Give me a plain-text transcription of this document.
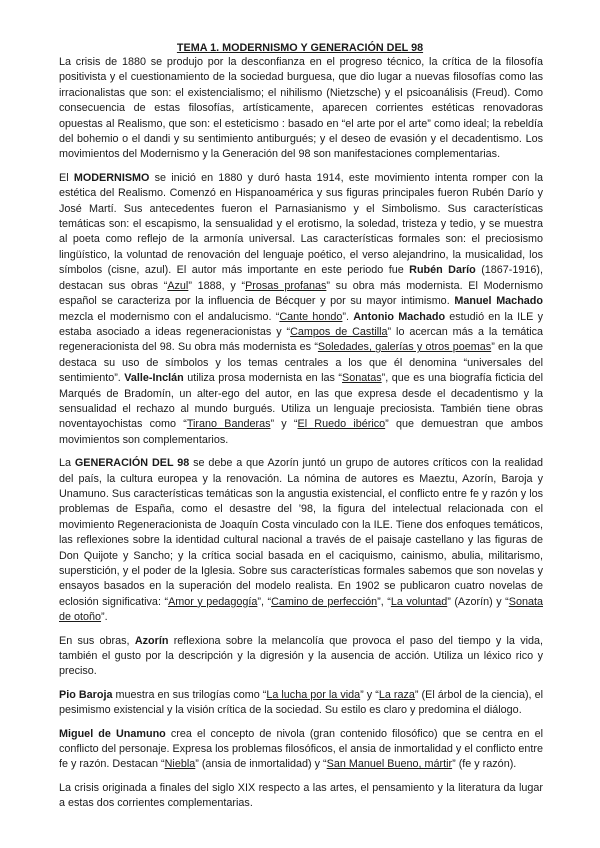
TEMA 1. MODERNISMO Y GENERACIÓN DEL 98

La crisis de 1880 se produjo por la desconfianza en el progreso técnico, la crítica de la filosofía positivista y el cuestionamiento de la sociedad burguesa, que dio lugar a nuevas filosofías como las irracionalistas que son: el existencialismo; el nihilismo (Nietzsche) y el psicoanálisis (Freud). Como consecuencia de estas filosofías, artísticamente, aparecen corrientes estéticas renovadoras opuestas al Realismo, que son: el esteticismo : basado en “el arte por el arte” como ideal; la rebeldía del bohemio o el dandi y su sentimiento antiburgués; y el deseo de evasión y el decadentismo. Los movimientos del Modernismo y la Generación del 98 son manifestaciones complementarias.

El MODERNISMO se inició en 1880 y duró hasta 1914, este movimiento intenta romper con la estética del Realismo. Comenzó en Hispanoamérica y sus figuras principales fueron Rubén Darío y José Martí. Sus antecedentes fueron el Parnasianismo y el Simbolismo. Sus características temáticas son: el escapismo, la sensualidad y el erotismo, la soledad, tristeza y tedio, y se muestra al poeta como reflejo de la armonía universal. Las características formales son: el preciosismo lingüístico, la voluntad de renovación del lenguaje poético, el verso alejandrino, la musicalidad, los símbolos (cisne, azul). El autor más importante en este periodo fue Rubén Darío (1867-1916), destacan sus obras “Azul” 1888, y “Prosas profanas” su obra más modernista. El Modernismo español se caracteriza por la influencia de Bécquer y por su mayor intimismo. Manuel Machado mezcla el modernismo con el andalucismo. “Cante hondo”. Antonio Machado estudió en la ILE y estaba asociado a ideas regeneracionistas y “Campos de Castilla” lo acercan más a la temática regeneracionista del 98. Su obra más modernista es “Soledades, galerías y otros poemas” en la que destaca su uso de símbolos y los temas centrales a los que él denomina “universales del sentimiento”. Valle-Inclán utiliza prosa modernista en las “Sonatas”, que es una biografía ficticia del Marqués de Bradomín, un alter-ego del autor, en las que expresa desde el decadentismo y la sensualidad el rechazo al mundo burgués. Utiliza un lenguaje preciosista. También tiene obras noventayochistas como “Tirano Banderas” y “El Ruedo ibérico” que demuestran que ambos movimientos son complementarios.

La GENERACIÓN DEL 98 se debe a que Azorín juntó un grupo de autores críticos con la realidad del país, la cultura europea y la renovación. La nómina de autores es Maeztu, Azorín, Baroja y Unamuno. Sus características temáticas son la angustia existencial, el conflicto entre fe y razón y los problemas de España, como el desastre del ’98, la figura del intelectual relacionada con el movimiento Regeneracionista de Joaquín Costa vinculado con la ILE. Tiene dos enfoques temáticos, las reflexiones sobre la identidad cultural nacional a través de el paisaje castellano y las figuras de Don Quijote y Sancho; y la crítica social basada en el caciquismo, cainismo, abulia, militarismo, superstición, y el poder de la Iglesia. Sobre sus características formales sabemos que son novelas y ensayos basados en la superación del modelo realista. En 1902 se publicaron cuatro novelas de eclosión significativa: “Amor y pedagogía”, “Camino de perfección”, “La voluntad” (Azorín) y “Sonata de otoño”.

En sus obras, Azorín reflexiona sobre la melancolía que provoca el paso del tiempo y la vida, también el gusto por la descripción y la digresión y la ausencia de acción. Utiliza un léxico rico y preciso.

Pio Baroja muestra en sus trilogías como “La lucha por la vida” y “La raza” (El árbol de la ciencia), el pesimismo existencial y la visión crítica de la sociedad. Su estilo es claro y predomina el diálogo.

Miguel de Unamuno crea el concepto de nivola (gran contenido filosófico) que se centra en el conflicto del personaje. Expresa los problemas filosóficos, el ansia de inmortalidad y el conflicto entre fe y razón. Destacan “Niebla” (ansia de inmortalidad) y “San Manuel Bueno, mártir” (fe y razón).

La crisis originada a finales del siglo XIX respecto a las artes, el pensamiento y la literatura da lugar a estas dos corrientes complementarias.
